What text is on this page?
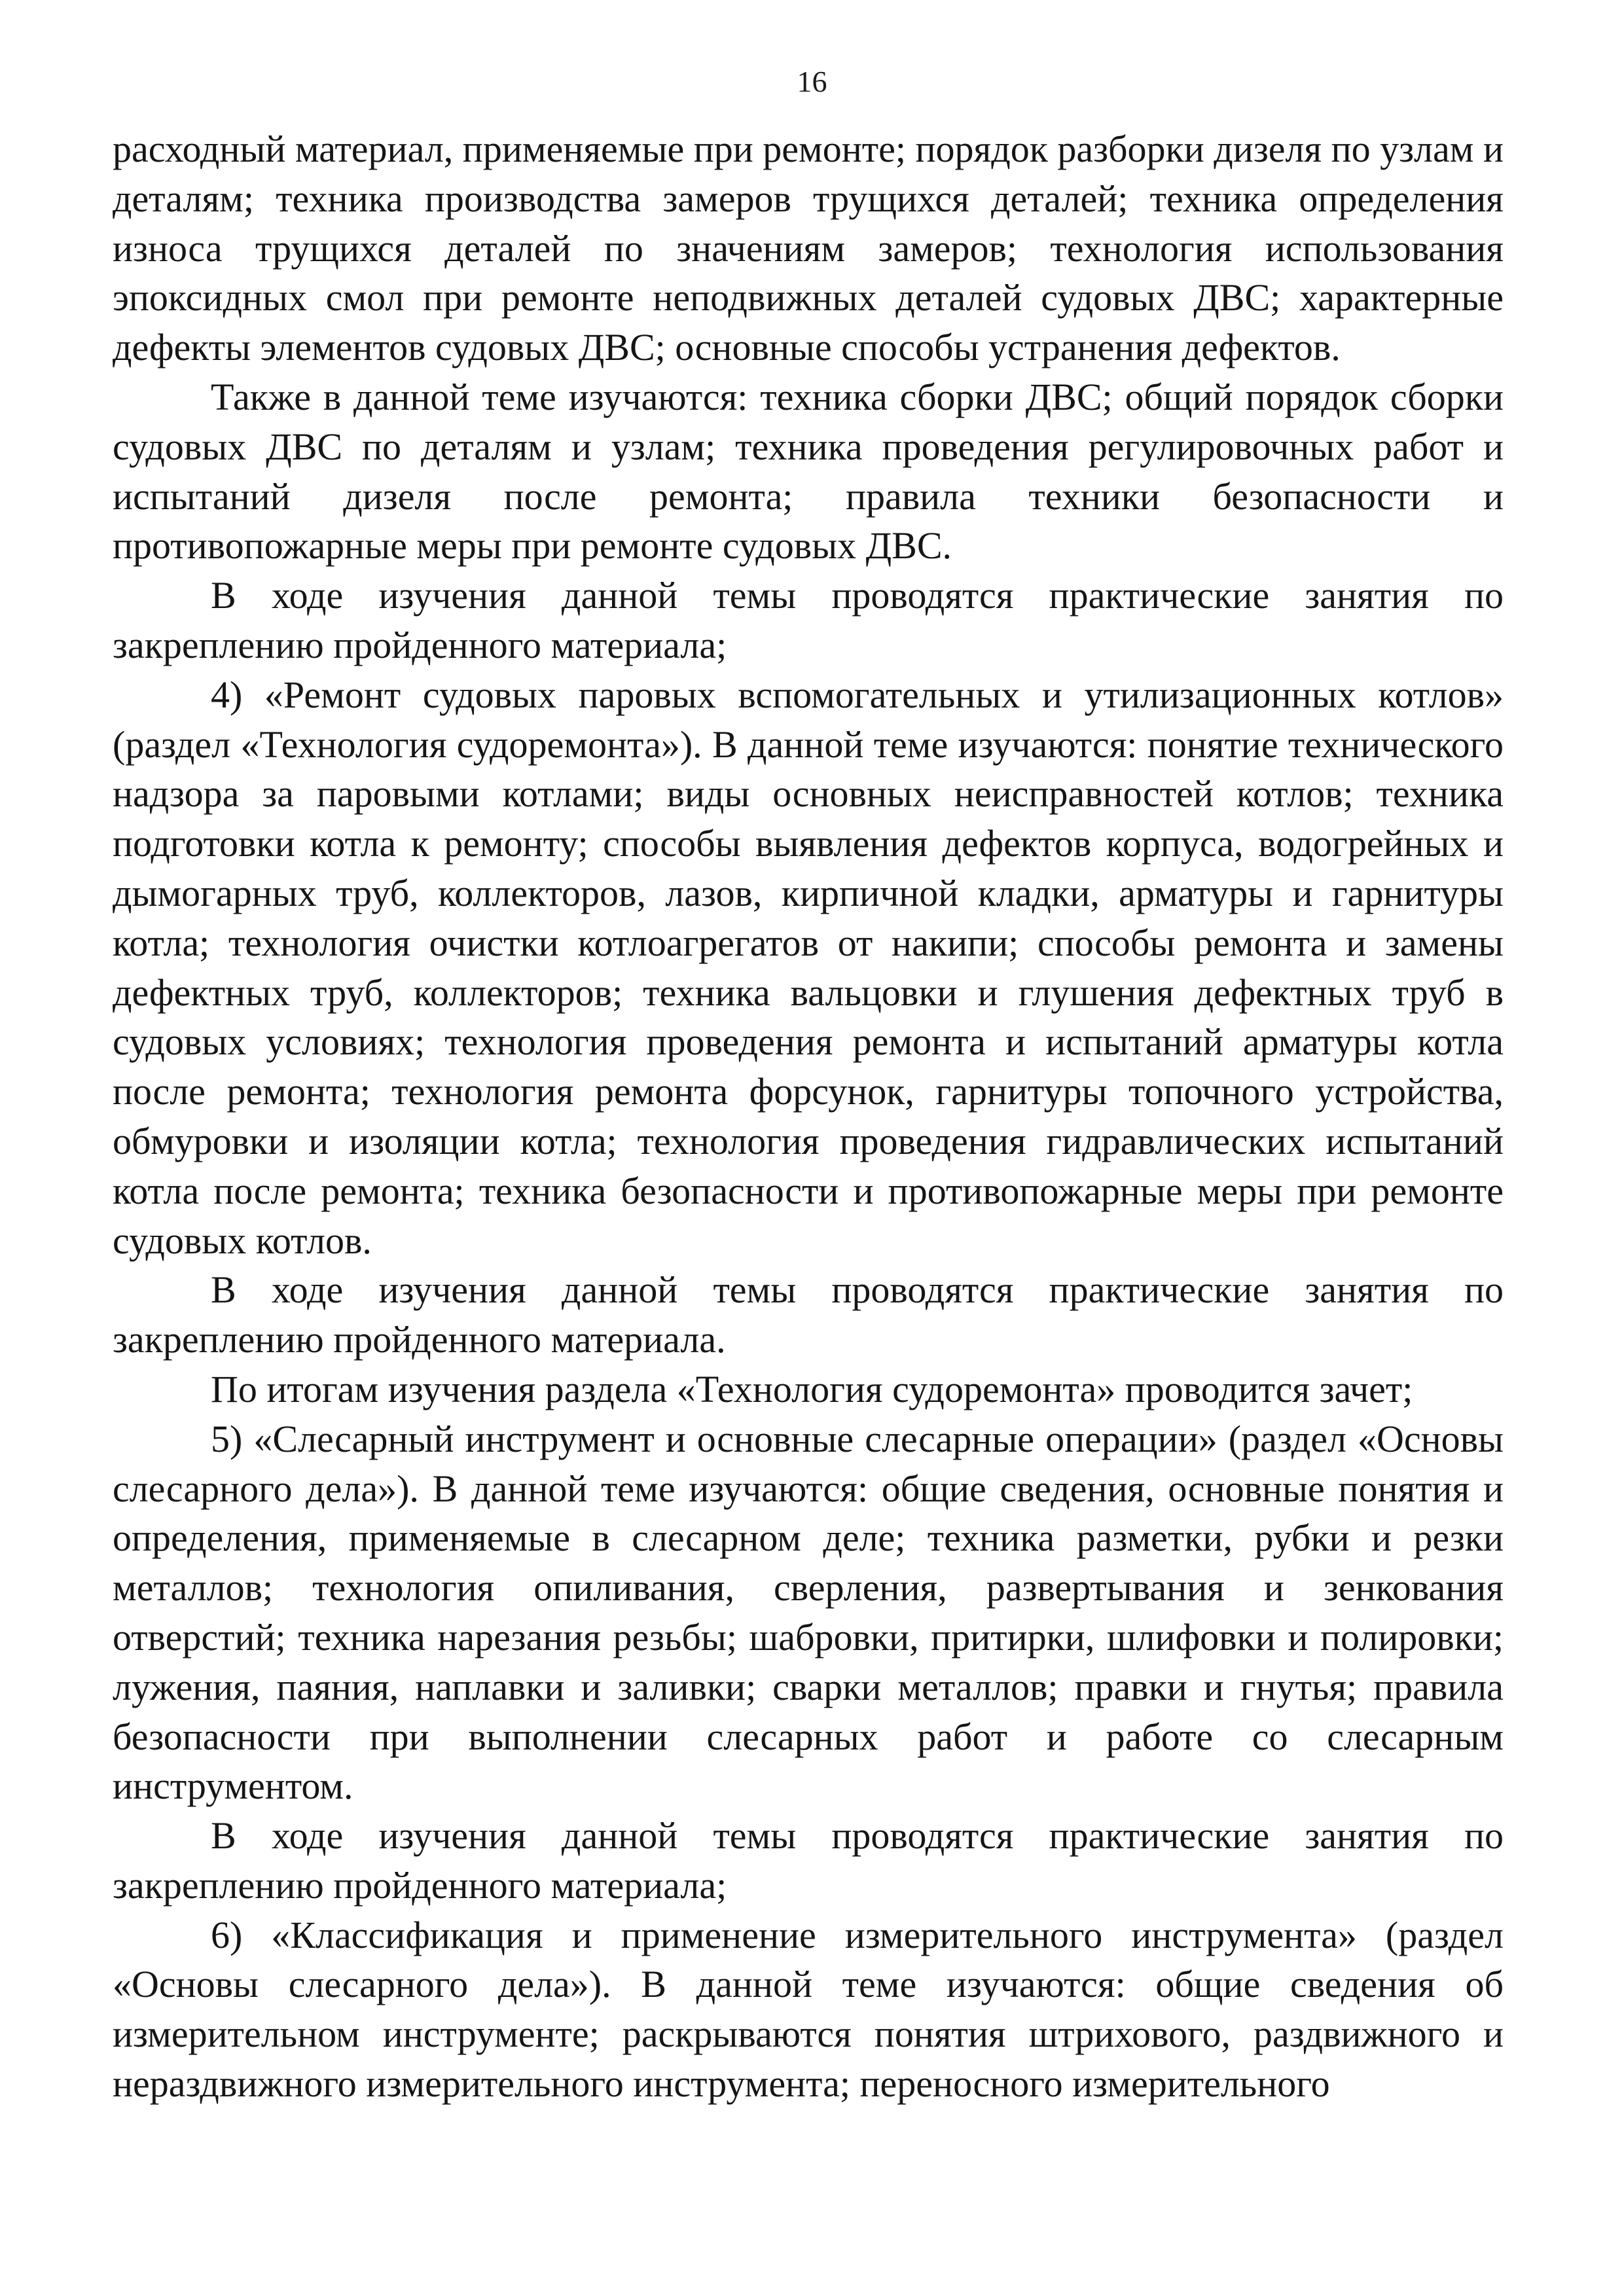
16

расходный материал, применяемые при ремонте; порядок разборки дизеля по узлам и деталям; техника производства замеров трущихся деталей; техника определения износа трущихся деталей по значениям замеров; технология использования эпоксидных смол при ремонте неподвижных деталей судовых ДВС; характерные дефекты элементов судовых ДВС; основные способы устранения дефектов.

Также в данной теме изучаются: техника сборки ДВС; общий порядок сборки судовых ДВС по деталям и узлам; техника проведения регулировочных работ и испытаний дизеля после ремонта; правила техники безопасности и противопожарные меры при ремонте судовых ДВС.

В ходе изучения данной темы проводятся практические занятия по закреплению пройденного материала;

4) «Ремонт судовых паровых вспомогательных и утилизационных котлов» (раздел «Технология судоремонта»). В данной теме изучаются: понятие технического надзора за паровыми котлами; виды основных неисправностей котлов; техника подготовки котла к ремонту; способы выявления дефектов корпуса, водогрейных и дымогарных труб, коллекторов, лазов, кирпичной кладки, арматуры и гарнитуры котла; технология очистки котлоагрегатов от накипи; способы ремонта и замены дефектных труб, коллекторов; техника вальцовки и глушения дефектных труб в судовых условиях; технология проведения ремонта и испытаний арматуры котла после ремонта; технология ремонта форсунок, гарнитуры топочного устройства, обмуровки и изоляции котла; технология проведения гидравлических испытаний котла после ремонта; техника безопасности и противопожарные меры при ремонте судовых котлов.

В ходе изучения данной темы проводятся практические занятия по закреплению пройденного материала.

По итогам изучения раздела «Технология судоремонта» проводится зачет;

5) «Слесарный инструмент и основные слесарные операции» (раздел «Основы слесарного дела»). В данной теме изучаются: общие сведения, основные понятия и определения, применяемые в слесарном деле; техника разметки, рубки и резки металлов; технология опиливания, сверления, развертывания и зенкования отверстий; техника нарезания резьбы; шабровки, притирки, шлифовки и полировки; лужения, паяния, наплавки и заливки; сварки металлов; правки и гнутья; правила безопасности при выполнении слесарных работ и работе со слесарным инструментом.

В ходе изучения данной темы проводятся практические занятия по закреплению пройденного материала;

6) «Классификация и применение измерительного инструмента» (раздел «Основы слесарного дела»). В данной теме изучаются: общие сведения об измерительном инструменте; раскрываются понятия штрихового, раздвижного и нераздвижного измерительного инструмента; переносного измерительного
